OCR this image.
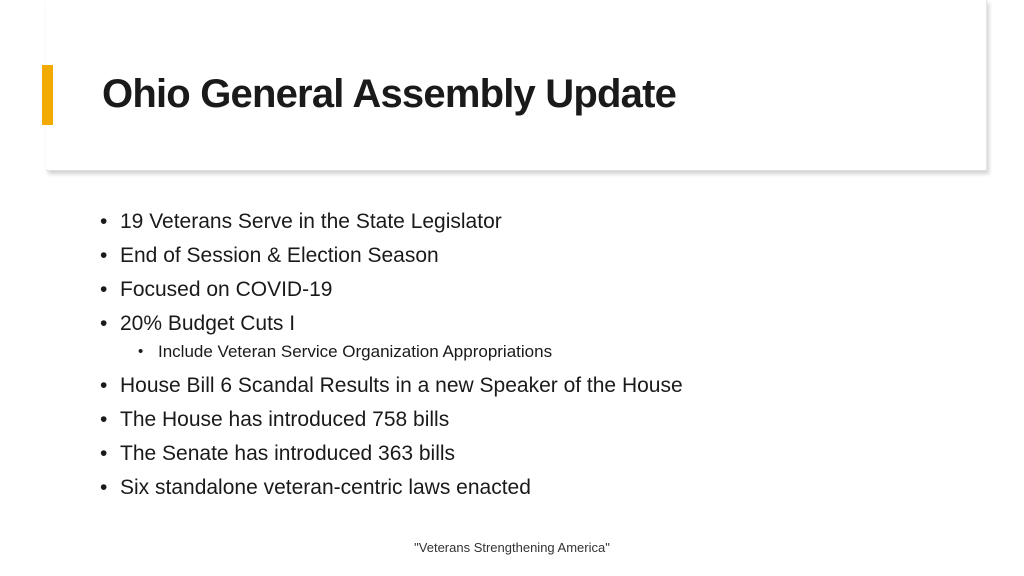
Ohio General Assembly Update
• 19 Veterans Serve in the State Legislator
• End of Session & Election Season
• Focused on COVID-19
• 20% Budget Cuts I
• Include Veteran Service Organization Appropriations
• House Bill 6 Scandal Results in a new Speaker of the House
• The House has introduced 758 bills
• The Senate has introduced 363 bills
• Six standalone veteran-centric laws enacted
"Veterans Strengthening America"
